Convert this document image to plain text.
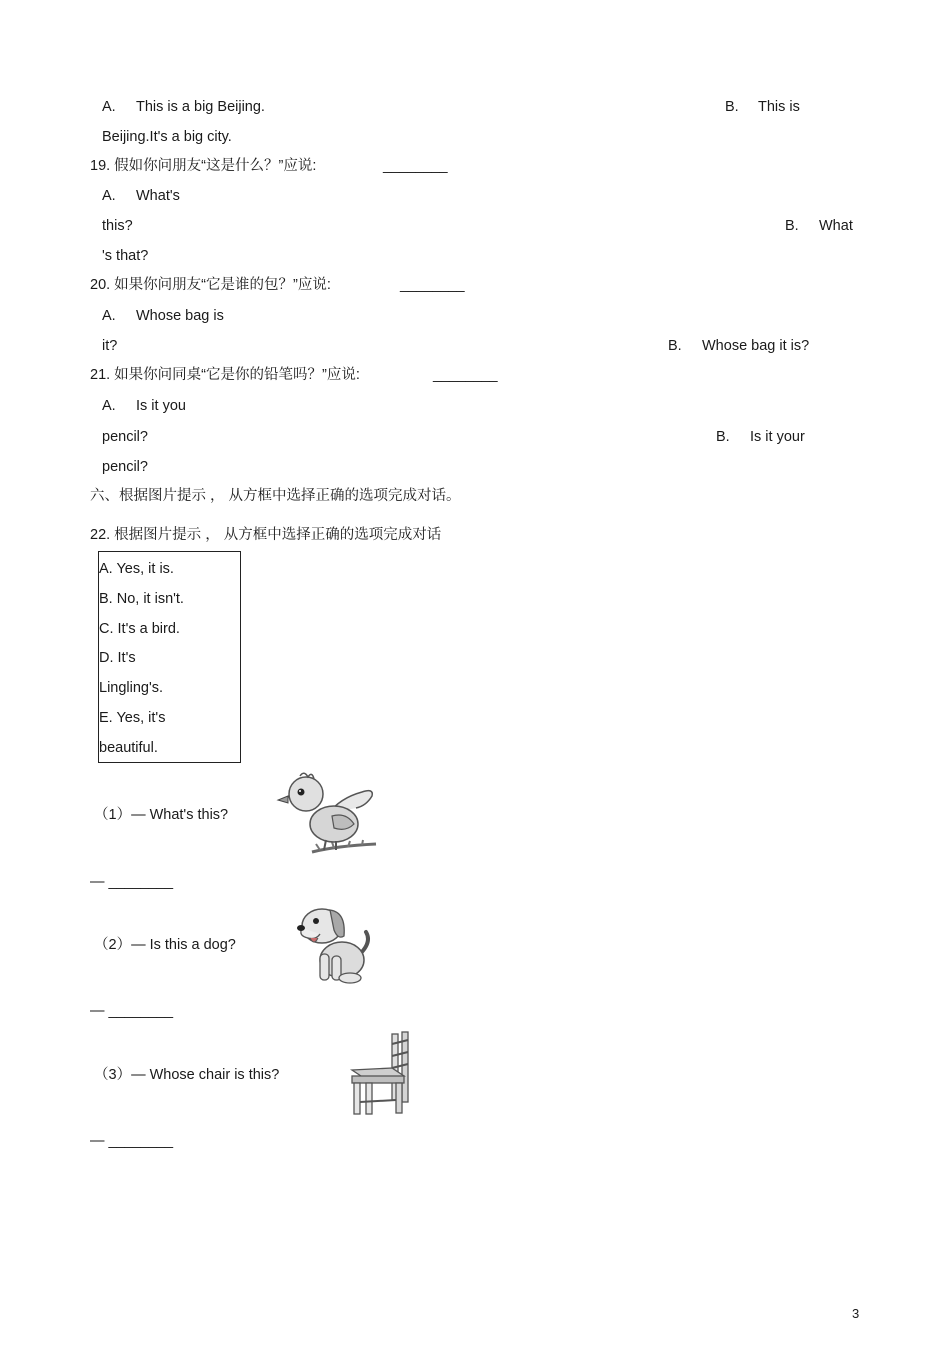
A. This is a big Beijing.	B. This is
Beijing.It's a big city.
19. 假如你问朋友“这是什么？”应说:	________
A. What's
this?	B. What
's that?
20. 如果你问朋友“它是谁的包？”应说:	________
A. Whose bag is
it?	B. Whose bag it is?
21. 如果你问同桌“它是你的铅笔吗？”应说:	________
A. Is it you
pencil?	B. Is it your
pencil?
六、根据图片提示 ， 从方框中选择正确的选项完成对话。
22. 根据图片提示 ， 从方框中选择正确的选项完成对话
A. Yes, it is.
B. No, it isn't.
C. It's a bird.
D. It's
Lingling's.
E. Yes, it's
beautiful.
（1）— What's this?
— ________
（2）— Is this a dog?
— ________
（3）— Whose chair is this?
— ________
3
